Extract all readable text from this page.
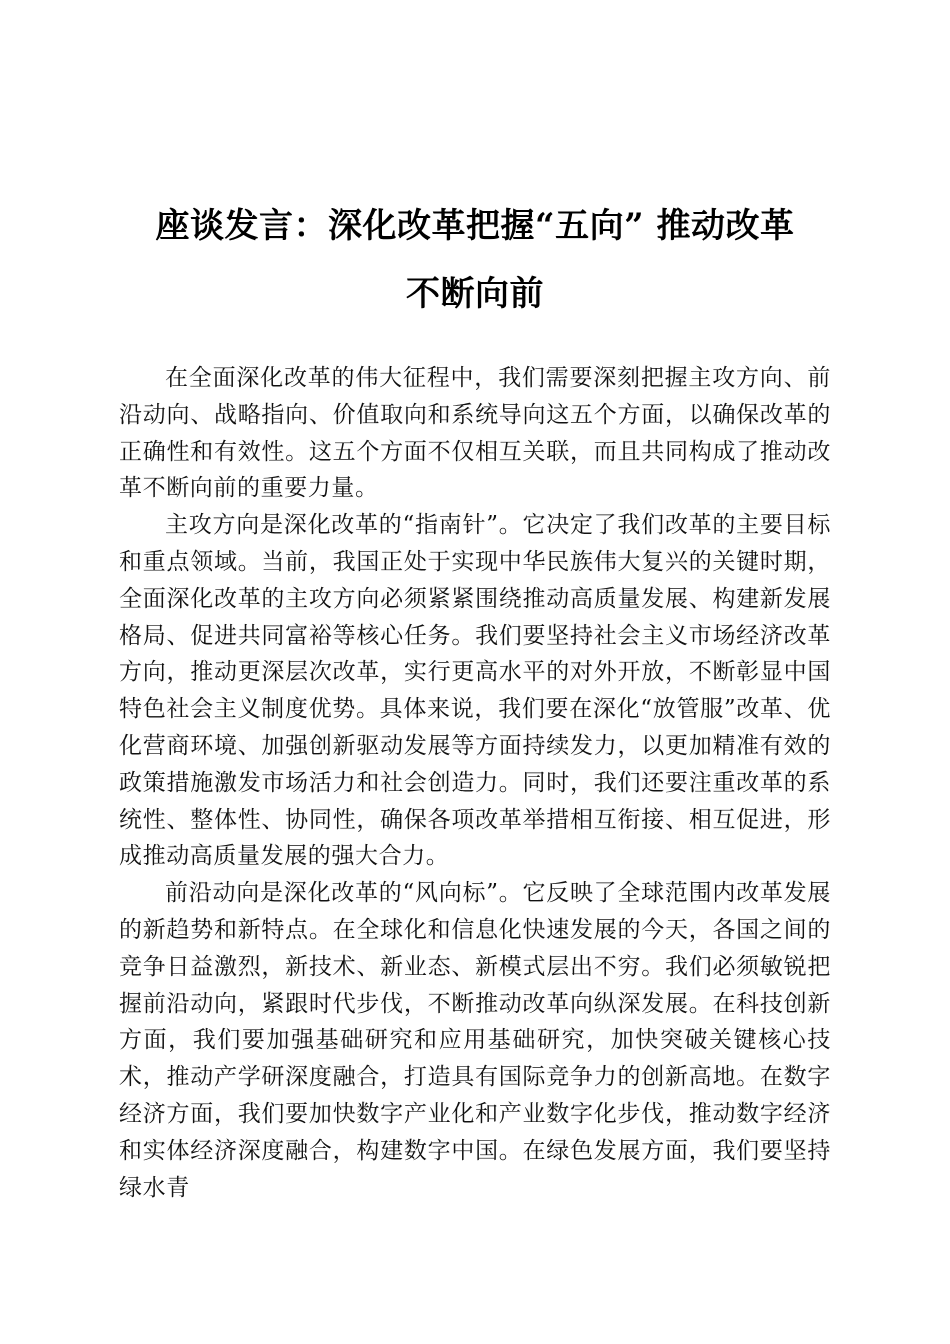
座谈发言：深化改革把握“五向” 推动改革
不断向前

在全面深化改革的伟大征程中，我们需要深刻把握主攻方向、前沿动向、战略指向、价值取向和系统导向这五个方面，以确保改革的正确性和有效性。这五个方面不仅相互关联，而且共同构成了推动改革不断向前的重要力量。

主攻方向是深化改革的“指南针”。它决定了我们改革的主要目标和重点领域。当前，我国正处于实现中华民族伟大复兴的关键时期，全面深化改革的主攻方向必须紧紧围绕推动高质量发展、构建新发展格局、促进共同富裕等核心任务。我们要坚持社会主义市场经济改革方向，推动更深层次改革，实行更高水平的对外开放，不断彰显中国特色社会主义制度优势。具体来说，我们要在深化“放管服”改革、优化营商环境、加强创新驱动发展等方面持续发力，以更加精准有效的政策措施激发市场活力和社会创造力。同时，我们还要注重改革的系统性、整体性、协同性，确保各项改革举措相互衔接、相互促进，形成推动高质量发展的强大合力。

前沿动向是深化改革的“风向标”。它反映了全球范围内改革发展的新趋势和新特点。在全球化和信息化快速发展的今天，各国之间的竞争日益激烈，新技术、新业态、新模式层出不穷。我们必须敏锐把握前沿动向，紧跟时代步伐，不断推动改革向纵深发展。在科技创新方面，我们要加强基础研究和应用基础研究，加快突破关键核心技术，推动产学研深度融合，打造具有国际竞争力的创新高地。在数字经济方面，我们要加快数字产业化和产业数字化步伐，推动数字经济和实体经济深度融合，构建数字中国。在绿色发展方面，我们要坚持绿水青
